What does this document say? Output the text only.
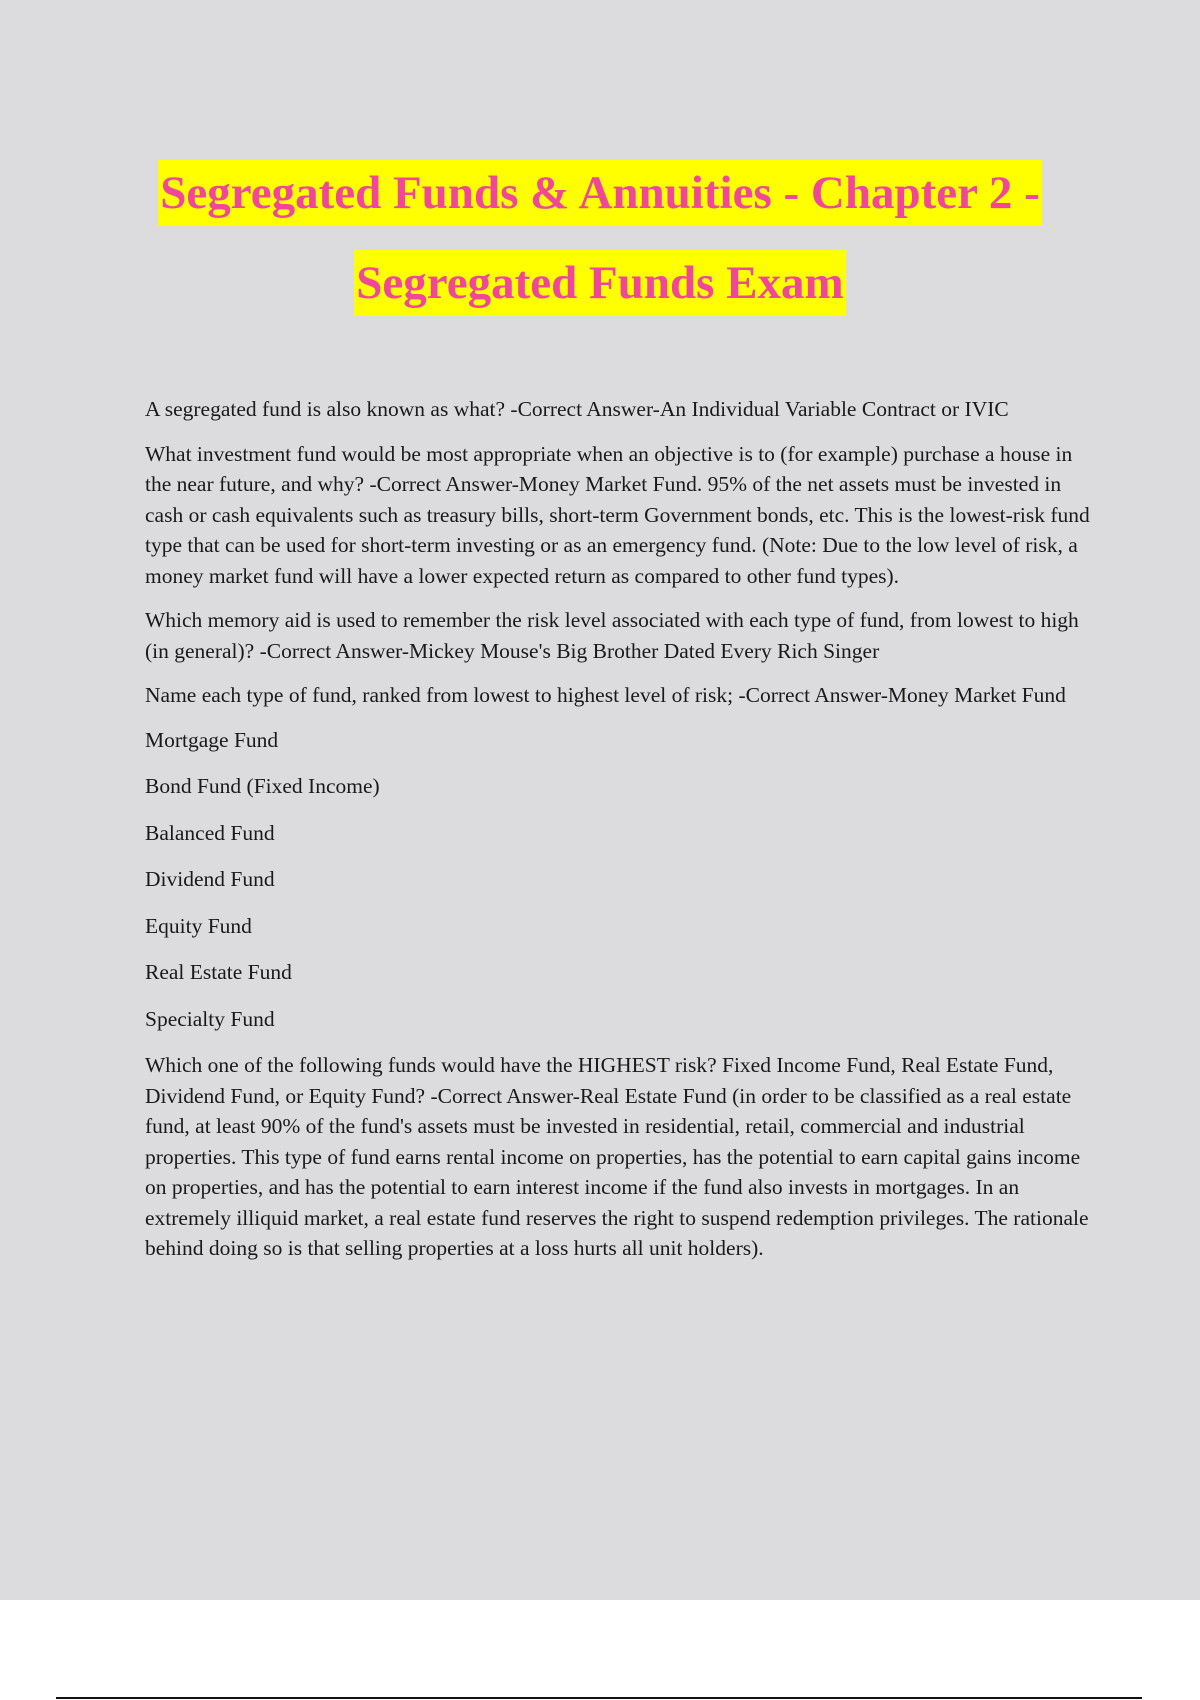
Segregated Funds & Annuities - Chapter 2 -
Segregated Funds Exam

A segregated fund is also known as what? -Correct Answer-An Individual Variable Contract or IVIC

What investment fund would be most appropriate when an objective is to (for example) purchase a house in the near future, and why? -Correct Answer-Money Market Fund. 95% of the net assets must be invested in cash or cash equivalents such as treasury bills, short-term Government bonds, etc. This is the lowest-risk fund type that can be used for short-term investing or as an emergency fund. (Note: Due to the low level of risk, a money market fund will have a lower expected return as compared to other fund types).

Which memory aid is used to remember the risk level associated with each type of fund, from lowest to high (in general)? -Correct Answer-Mickey Mouse's Big Brother Dated Every Rich Singer

Name each type of fund, ranked from lowest to highest level of risk; -Correct Answer-Money Market Fund

Mortgage Fund

Bond Fund (Fixed Income)

Balanced Fund

Dividend Fund

Equity Fund

Real Estate Fund

Specialty Fund

Which one of the following funds would have the HIGHEST risk? Fixed Income Fund, Real Estate Fund, Dividend Fund, or Equity Fund? -Correct Answer-Real Estate Fund (in order to be classified as a real estate fund, at least 90% of the fund's assets must be invested in residential, retail, commercial and industrial properties. This type of fund earns rental income on properties, has the potential to earn capital gains income on properties, and has the potential to earn interest income if the fund also invests in mortgages. In an extremely illiquid market, a real estate fund reserves the right to suspend redemption privileges. The rationale behind doing so is that selling properties at a loss hurts all unit holders).
